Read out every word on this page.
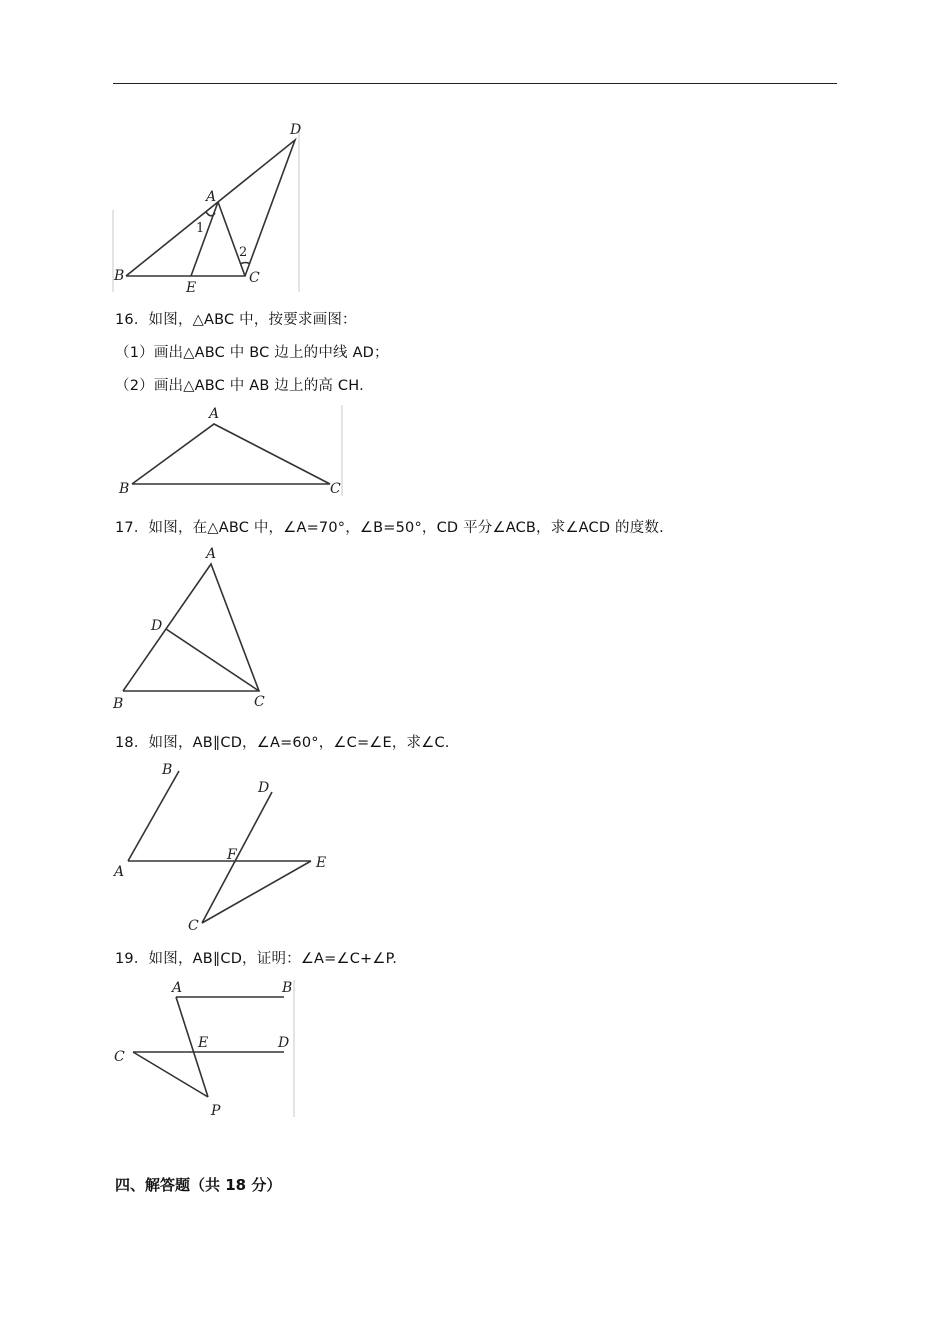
D
A
1
2
B	C
E
16．如图，△ABC 中，按要求画图：
（1）画出△ABC 中 BC 边上的中线 AD；
（2）画出△ABC 中 AB 边上的高 CH.
A
B	C
17．如图，在△ABC 中，∠A=70°，∠B=50°，CD 平分∠ACB，求∠ACD 的度数.
A
D
B	C
18．如图，AB∥CD，∠A=60°，∠C=∠E，求∠C.
B
D
F	E
A
C
19．如图，AB∥CD，证明：∠A=∠C+∠P.
A	B
E	D
C
P
四、解答题（共 18 分）
